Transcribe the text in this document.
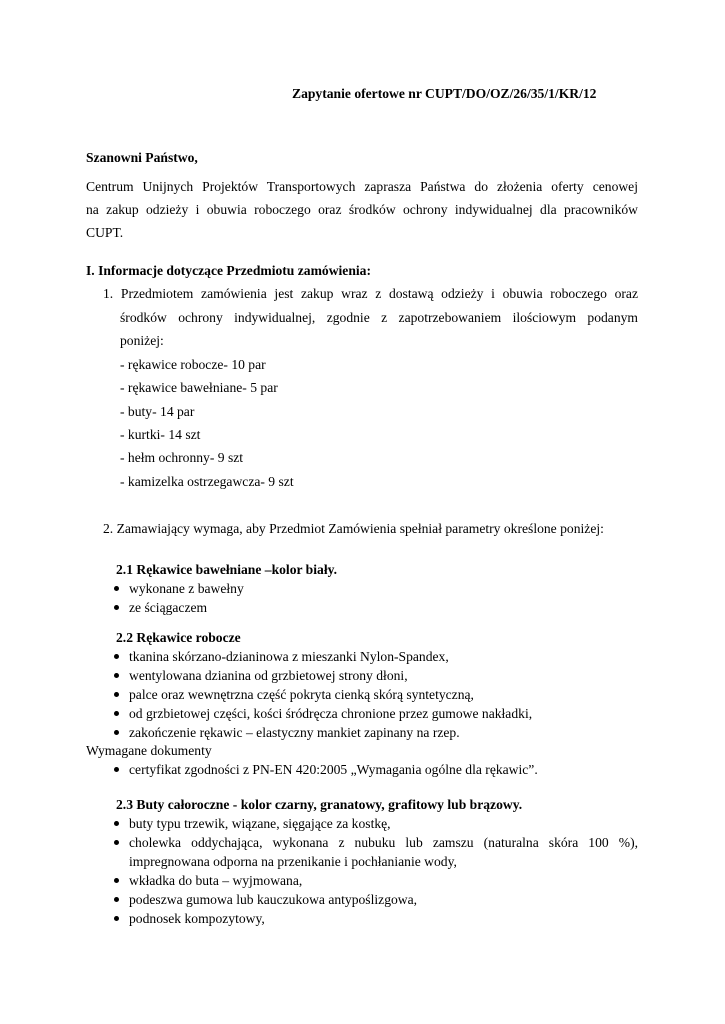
Zapytanie ofertowe nr CUPT/DO/OZ/26/35/1/KR/12
Szanowni Państwo,
Centrum Unijnych Projektów Transportowych zaprasza Państwa do złożenia oferty cenowej
na zakup odzieży i obuwia roboczego oraz środków ochrony indywidualnej dla pracowników
CUPT.
I. Informacje dotyczące Przedmiotu zamówienia:
1. Przedmiotem zamówienia jest zakup wraz z dostawą odzieży i obuwia roboczego oraz
środków ochrony indywidualnej, zgodnie z zapotrzebowaniem ilościowym podanym
poniżej:
- rękawice robocze- 10 par
- rękawice bawełniane- 5 par
- buty- 14 par
- kurtki- 14 szt
- hełm ochronny- 9 szt
- kamizelka ostrzegawcza- 9 szt
2. Zamawiający wymaga, aby Przedmiot Zamówienia spełniał parametry określone poniżej:
2.1 Rękawice bawełniane –kolor biały.
wykonane z bawełny
ze ściągaczem
2.2 Rękawice robocze
tkanina skórzano-dzianinowa z mieszanki Nylon-Spandex,
wentylowana dzianina od grzbietowej strony dłoni,
palce oraz wewnętrzna część pokryta cienką skórą syntetyczną,
od grzbietowej części, kości śródręcza chronione przez gumowe nakładki,
zakończenie rękawic – elastyczny mankiet zapinany na rzep.
Wymagane dokumenty
certyfikat zgodności z PN-EN 420:2005 „Wymagania ogólne dla rękawic”.
2.3 Buty całoroczne - kolor czarny, granatowy, grafitowy lub brązowy.
buty typu trzewik, wiązane, sięgające za kostkę,
cholewka oddychająca, wykonana z nubuku lub zamszu (naturalna skóra 100 %),
impregnowana odporna na przenikanie i pochłanianie wody,
wkładka do buta – wyjmowana,
podeszwa gumowa lub kauczukowa antypoślizgowa,
podnosek kompozytowy,
